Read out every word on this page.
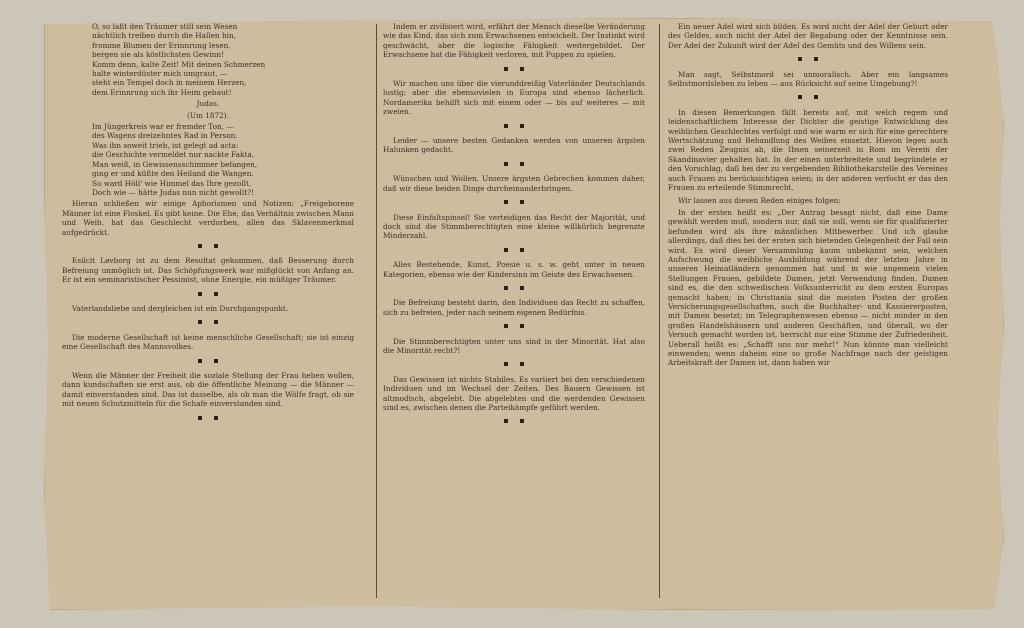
O, so laßt den Träumer still sein Wesen
nächtlich treiben durch die Hallen hin,
fromme Blumen der Erinnrung lesen,
bergen sie als köstlichsten Gewinn!
Komm denn, kalte Zeit! Mit deinen Schmerzen
halte winterdüster mich umgraut, —
steht ein Tempel doch in meinem Herzen,
dem Erinnrung sich ihr Heim gebaut!

Judas.

(Um 1872).

Im Jüngerkreis war er fremder Ton, —
des Wagens dreizehntes Rad in Person.
Was ihn soweit trieb, ist gelegt ad acta:
die Geschichte vermeldet nur nackte Fakta.
Man weiß, in Gewissensschimmer befangen,
ging er und küßte den Heiland die Wangen.
So ward Höll' wie Himmel das Ihre gezollt.
Doch wie — hätte Judas nun nicht gewollt?!

Hieran schließen wir einige Aphorismen und Notizen: „Freigeborene Männer ist eine Floskel. Es gibt keine. Die Ehe, das Verhältnis zwischen Mann und Weib, hat das Geschlecht verdorben, allen das Sklavenmerkmal aufgedrückt.

Esilcit Løvborg ist zu dem Resultat gekommen, daß Besserung durch Befreiung unmöglich ist. Das Schöpfungswerk war mißglückt von Anfang an. Er ist ein seminaristischer Pessimist, ohne Energie, ein müßiger Träumer.

Vaterlandsliebe und dergleichen ist ein Durchgangspunkt.

Die moderne Gesellschaft ist keine menschliche Gesellschaft; sie ist einzig eine Gesellschaft des Mannsvolkes.

Wenn die Männer der Freiheit die soziale Stellung der Frau heben wollen, dann kundschaften sie erst aus, ob die öffentliche Meinung — die Männer — damit einverstanden sind. Das ist dasselbe, als ob man die Wölfe fragt, ob sie mit neuen Schutzmitteln für die Schafe einverstanden sind.

Indem er zivilisiert wird, erfährt der Mensch dieselbe Veränderung wie das Kind, das sich zum Erwachsenen entwickelt. Der Instinkt wird geschwächt, aber die logische Fähigkeit weitergebildet. Der Erwachsene hat die Fähigkeit verloren, mit Puppen zu spielen.

Wir machen uns über die vierunddreißig Vaterländer Deutschlands lustig; aber die ebensovielen in Europa sind ebenso lächerlich. Nordamerika behilft sich mit einem oder — bis auf weiteres — mit zweien.

Leider — unsere besten Gedanken werden von unseren ärgsten Halunken gedacht.

Wünschen und Wollen. Unsere ärgsten Gebrechen kommen daher, daß wir diese beiden Dinge durcheinanderbringen.

Diese Einfaltspinsel! Sie verteidigen das Recht der Majorität, und doch sind die Stimmberechtigten eine kleine willkürlich begrenzte Minderzahl.

Alles Bestehende, Kunst, Poesie u. s. w. geht unter in neuen Kategorien, ebenso wie der Kindersinn im Geiste des Erwachsenen.

Die Befreiung besteht darin, den Individuen das Recht zu schaffen, sich zu befreien, jeder nach seinem eigenen Bedürfnis.

Die Stimmberechtigten unter uns sind in der Minorität. Hat also die Minorität recht?!

Das Gewissen ist nichts Stabiles. Es variiert bei den verschiedenen Individuen und im Wechsel der Zeiten. Des Bauern Gewissen ist altmodisch, abgelebt. Die abgelebten und die werdenden Gewissen sind es, zwischen denen die Parteikämpfe geführt werden.

Ein neuer Adel wird sich bilden. Es wird nicht der Adel der Geburt oder des Geldes, auch nicht der Adel der Begabung oder der Kenntnisse sein. Der Adel der Zukunft wird der Adel des Gemüts und des Willens sein.

Man sagt, Selbstmord sei unmoralisch. Aber ein langsames Selbstmordsleben zu leben — aus Rücksicht auf seine Umgebung?!

In diesen Bemerkungen fällt bereits auf, mit welch regem und leidenschaftlichem Interesse der Dichter die geistige Entwicklung des weiblichen Geschlechtes verfolgt und wie warm er sich für eine gerechtere Wertschätzung und Behandlung des Weibes einsetzt. Hievon legen auch zwei Reden Zeugnis ab, die Ibsen seinerzeit in Rom im Verein der Skandinavier gehalten hat. In der einen unterbreitete und begründete er den Vorschlag, daß bei der zu vergebenden Bibliothekarstelle des Vereines auch Frauen zu berücksichtigen seien; in der anderen verfocht er das den Frauen zu erteilende Stimmrecht.

Wir lassen aus diesen Reden einiges folgen:

In der ersten heißt es: „Der Antrag besagt nicht, daß eine Dame gewählt werden muß, sondern nur, daß sie soll, wenn sie für qualifizierter befunden wird als ihre männlichen Mitbewerber. Und ich glaube allerdings, daß dies bei der ersten sich bietenden Gelegenheit der Fall sein wird. Es wird dieser Versammlung kaum unbekannt sein, welchen Aufschwung die weibliche Ausbildung während der letzten Jahre in unseren Heimatländern genommen hat und in wie ungemein vielen Stellungen Frauen, gebildete Damen, jetzt Verwendung finden. Damen sind es, die den schwedischen Volksunterricht zu dem ersten Europas gemacht haben; in Christiania sind die meisten Posten der großen Versicherungsgesellschaften, auch die Buchhalter- und Kassiererposten, mit Damen besetzt; im Telegraphenwesen ebenso — nicht minder in den großen Handelshäusern und anderen Geschäften, und überall, wo der Versuch gemacht worden ist, herrscht nur eine Stimme der Zufriedenheit. Ueberall heißt es: „Schafft uns nur mehr!“ Nun könnte man vielleicht einwenden; wenn daheim eine so große Nachfrage nach der geistigen Arbeitskraft der Damen ist, dann haben wir
